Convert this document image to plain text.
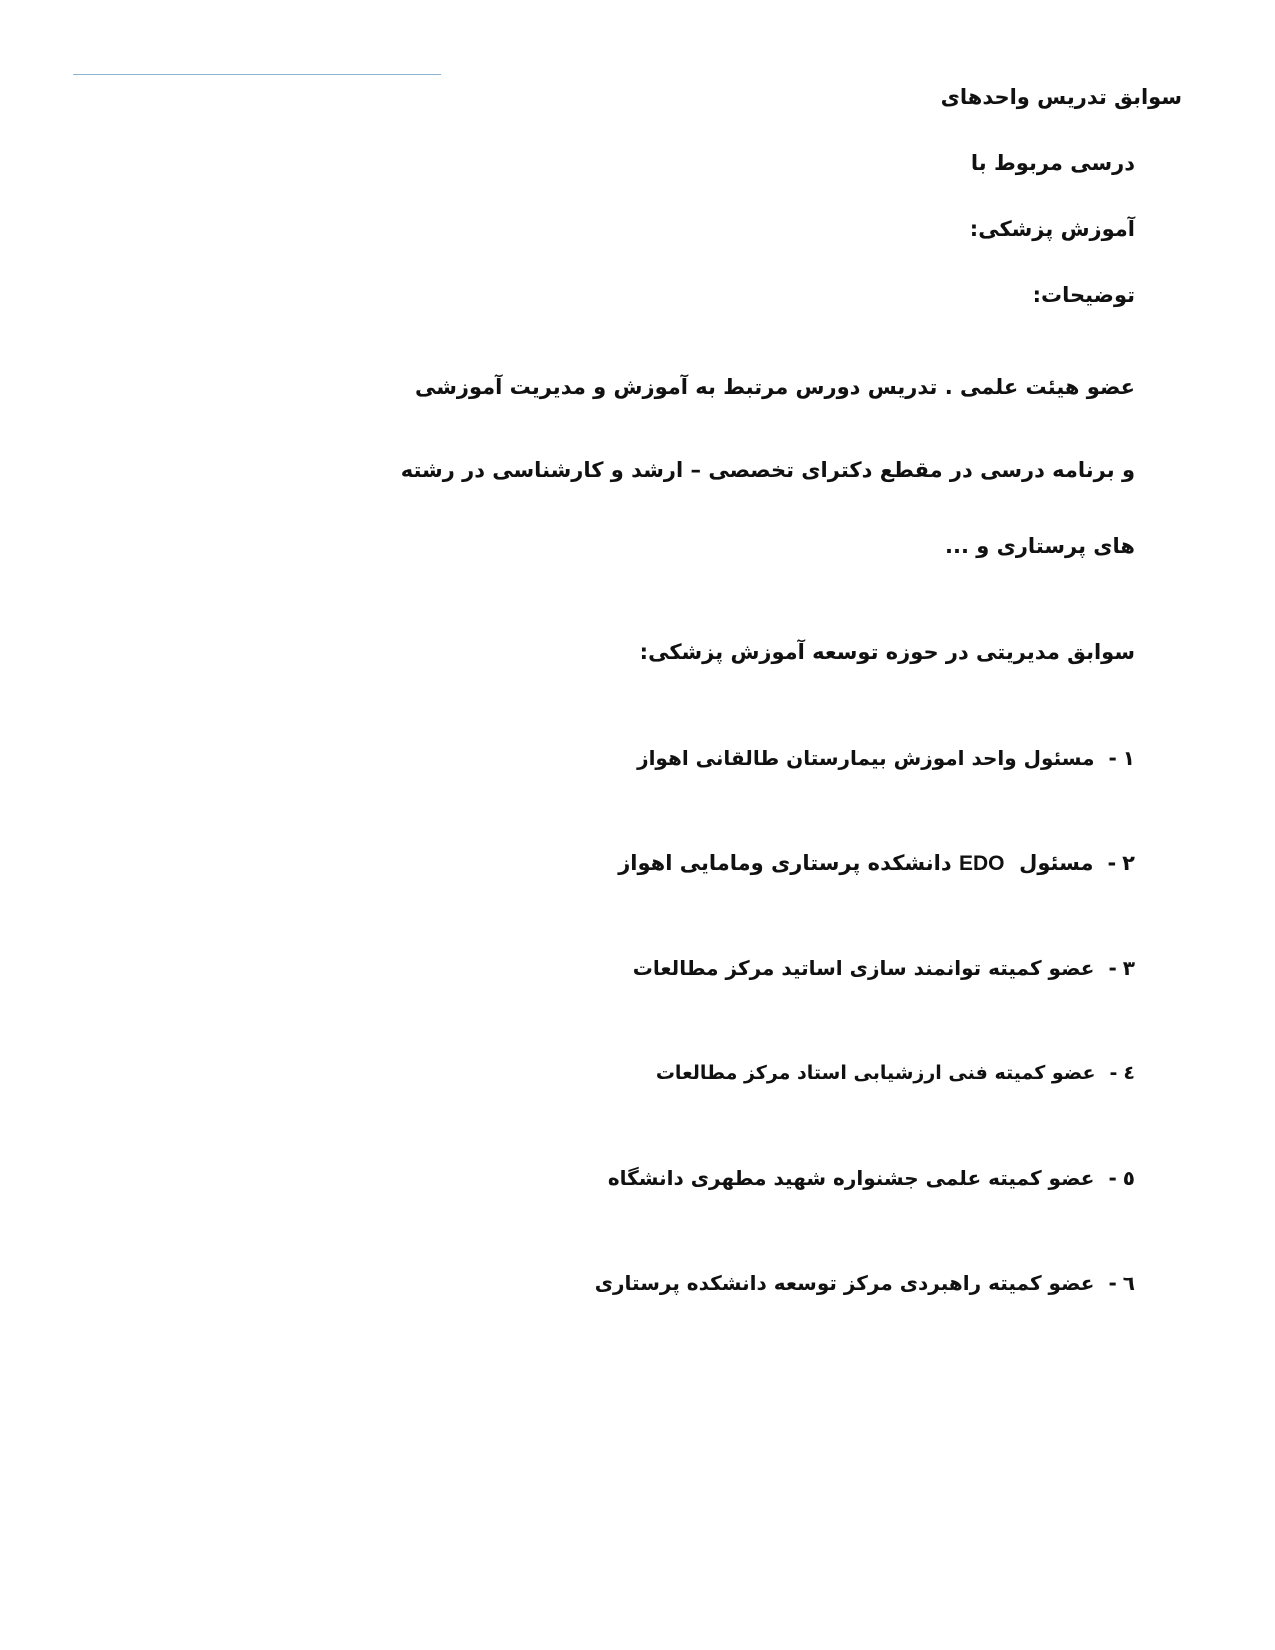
سوابق تدریس واحدهای
درسی مربوط با
آموزش پزشکی:
توضیحات:
عضو هیئت علمی . تدریس دورس مرتبط به آموزش و مدیریت آموزشی
و برنامه درسی در مقطع دکترای تخصصی – ارشد و کارشناسی در رشته
های پرستاری و ...
سوابق مدیریتی در حوزه توسعه آموزش پزشکی:
۱-مسئول واحد اموزش بیمارستان طالقانی اهواز
۲-مسئول  EDO دانشکده پرستاری ومامایی اهواز
۳-عضو کمیته توانمند سازی اساتید مرکز مطالعات
٤-عضو کمیته فنی ارزشیابی استاد مرکز مطالعات
٥-عضو کمیته علمی جشنواره شهید مطهری دانشگاه
٦-عضو کمیته راهبردی مرکز توسعه دانشکده پرستاری
